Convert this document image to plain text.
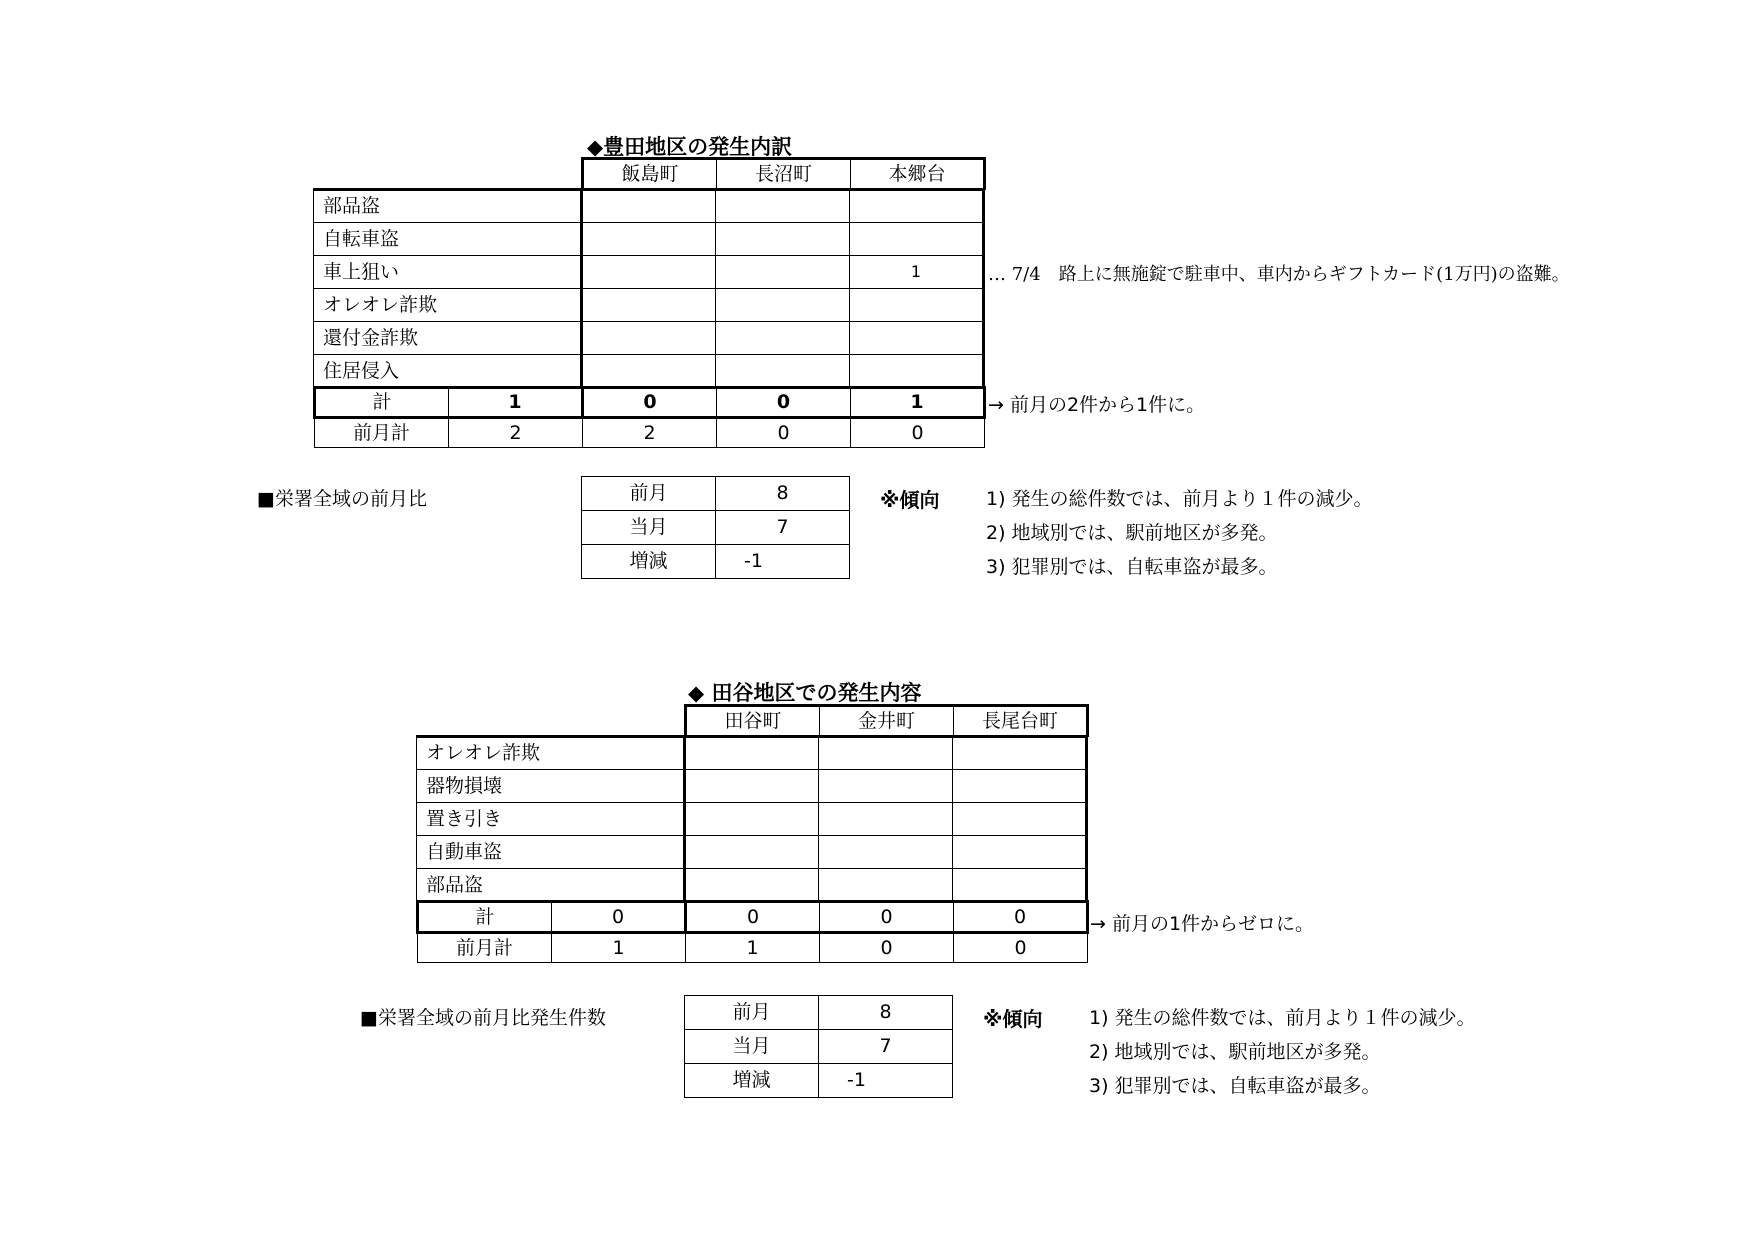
◆豊田地区の発生内訳
飯島町	長沼町	本郷台
部品盗			
自転車盗			
車上狙い			1
オレオレ詐欺			
還付金詐欺			
住居侵入			
計	1	0	0	1
前月計	2	2	0	0
… 7/4　路上に無施錠で駐車中、車内からギフトカード(1万円)の盗難。
→ 前月の2件から1件に。
■栄署全域の前月比	前月	8
当月	7
増減	-1
※傾向 1) 発生の総件数では、前月より１件の減少。
2) 地域別では、駅前地区が多発。
3) 犯罪別では、自転車盗が最多。
◆ 田谷地区での発生内容
田谷町	金井町	長尾台町
オレオレ詐欺			
器物損壊			
置き引き			
自動車盗			
部品盗			
計	0	0	0	0
前月計	1	1	0	0
→ 前月の1件からゼロに。
■栄署全域の前月比発生件数	前月	8
当月	7
増減	-1
※傾向 1) 発生の総件数では、前月より１件の減少。
2) 地域別では、駅前地区が多発。
3) 犯罪別では、自転車盗が最多。
